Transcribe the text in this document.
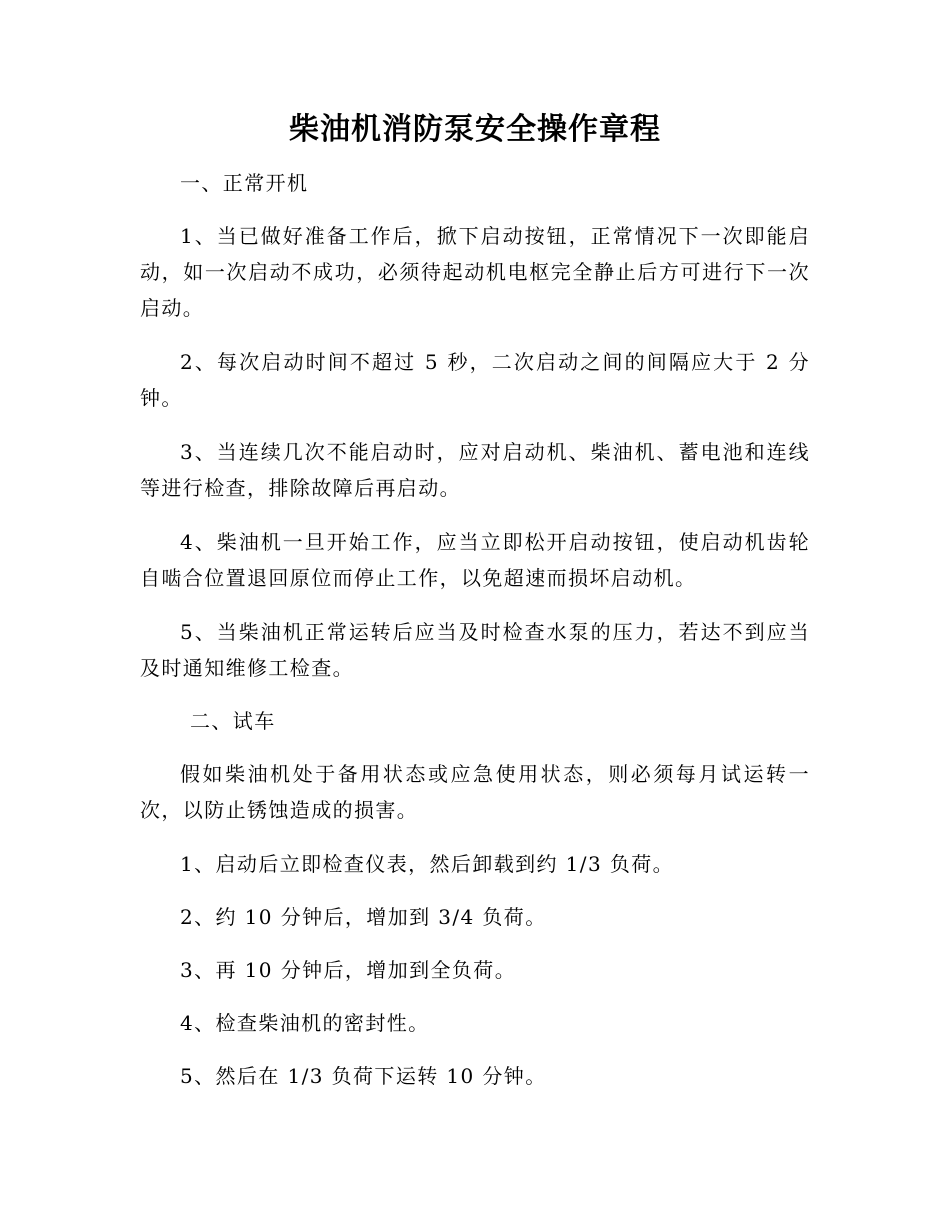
柴油机消防泵安全操作章程

一、正常开机

1、当已做好准备工作后，掀下启动按钮，正常情况下一次即能启动，如一次启动不成功，必须待起动机电枢完全静止后方可进行下一次启动。

2、每次启动时间不超过 5 秒，二次启动之间的间隔应大于 2 分钟。

3、当连续几次不能启动时，应对启动机、柴油机、蓄电池和连线等进行检查，排除故障后再启动。

4、柴油机一旦开始工作，应当立即松开启动按钮，使启动机齿轮自啮合位置退回原位而停止工作，以免超速而损坏启动机。

5、当柴油机正常运转后应当及时检查水泵的压力，若达不到应当及时通知维修工检查。

二、试车

假如柴油机处于备用状态或应急使用状态，则必须每月试运转一次，以防止锈蚀造成的损害。

1、启动后立即检查仪表，然后卸载到约 1/3 负荷。

2、约 10 分钟后，增加到 3/4 负荷。

3、再 10 分钟后，增加到全负荷。

4、检查柴油机的密封性。

5、然后在 1/3 负荷下运转 10 分钟。
